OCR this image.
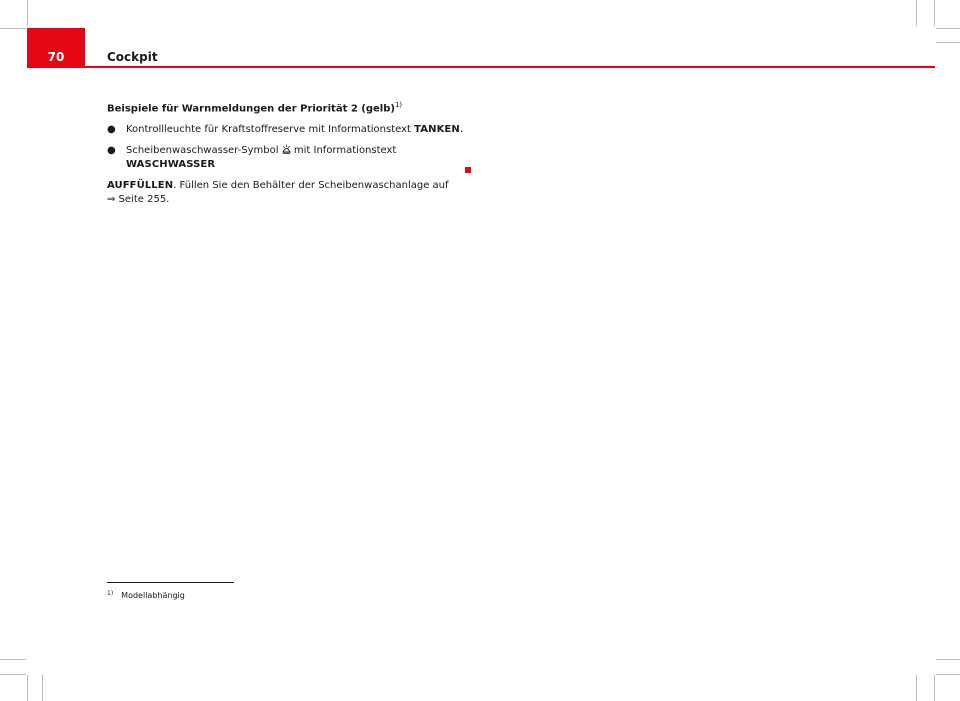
70	Cockpit

Beispiele für Warnmeldungen der Priorität 2 (gelb)$^{1)}$

● Kontrollleuchte für Kraftstoffreserve mit Informationstext TANKEN.

● Scheibenwaschwasser-Symbol mit Informationstext WASCHWASSER

AUFFÜLLEN. Füllen Sie den Behälter der Scheibenwaschanlage auf
⇒ Seite 255.

$^{1)}$ Modellabhängig
